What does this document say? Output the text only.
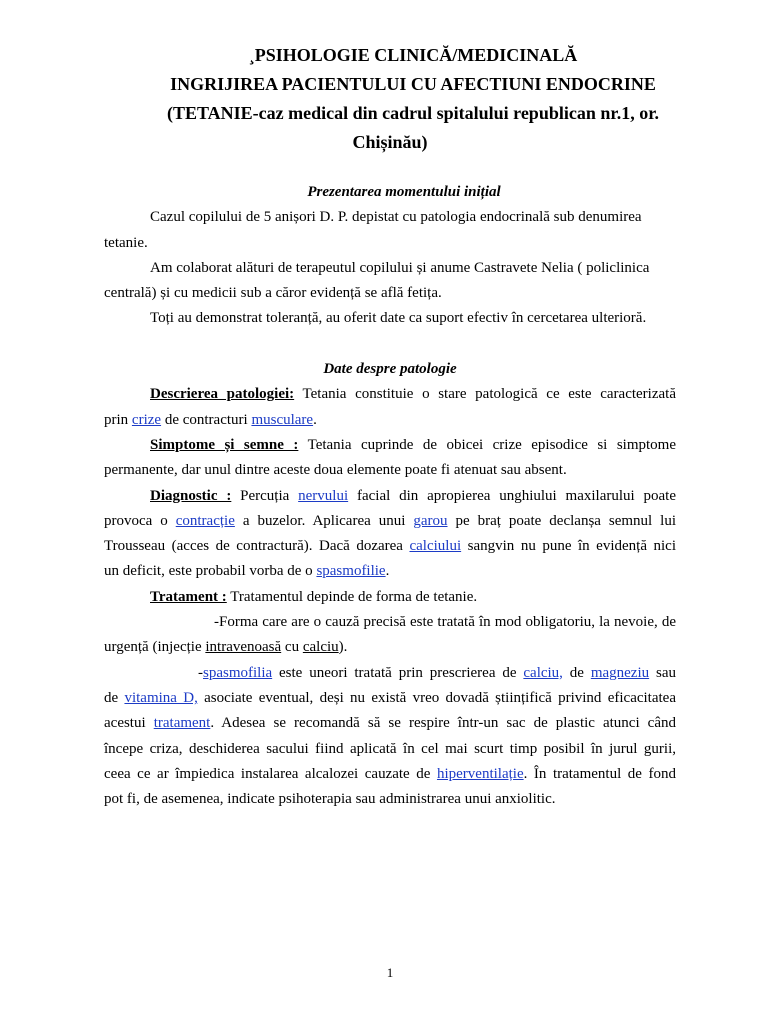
¸PSIHOLOGIE CLINICĂ/MEDICINALĂ
INGRIJIREA PACIENTULUI CU AFECTIUNI ENDOCRINE
(TETANIE-caz medical din cadrul spitalului republican nr.1, or.
Chișinău)
Prezentarea momentului inițial
Cazul copilului de 5 anișori D. P. depistat cu patologia endocrinală sub denumirea
tetanie.
Am colaborat alături de terapeutul copilului și anume Castravete Nelia ( policlinica
centrală) și cu medicii sub a căror evidență se află fetița.
Toți au demonstrat toleranță, au oferit date ca suport efectiv în cercetarea ulterioră.
Date despre patologie
Descrierea patologiei: Tetania constituie o stare patologică ce este caracterizată
prin crize de contracturi musculare.
Simptome și semne : Tetania cuprinde de obicei crize episodice si simptome
permanente, dar unul dintre aceste doua elemente poate fi atenuat sau absent.
Diagnostic : Percuția nervului facial din apropierea unghiului maxilarului poate
provoca o contracție a buzelor. Aplicarea unui garou pe braț poate declanșa semnul lui
Trousseau (acces de contractură). Dacă dozarea calciului sangvin nu pune în evidență nici
un deficit, este probabil vorba de o spasmofilie.
Tratament : Tratamentul depinde de forma de tetanie.
-Forma care are o cauză precisă este tratată în mod obligatoriu, la nevoie, de
urgență (injecție intravenoasă cu calciu).
-spasmofilia este uneori tratată prin prescrierea de calciu, de magneziu sau
de vitamina D, asociate eventual, deși nu există vreo dovadă științifică privind eficacitatea
acestui tratament. Adesea se recomandă să se respire într-un sac de plastic atunci când
începe criza, deschiderea sacului fiind aplicată în cel mai scurt timp posibil în jurul gurii,
ceea ce ar împiedica instalarea alcalozei cauzate de hiperventilație. În tratamentul de fond
pot fi, de asemenea, indicate psihoterapia sau administrarea unui anxiolitic.
1
